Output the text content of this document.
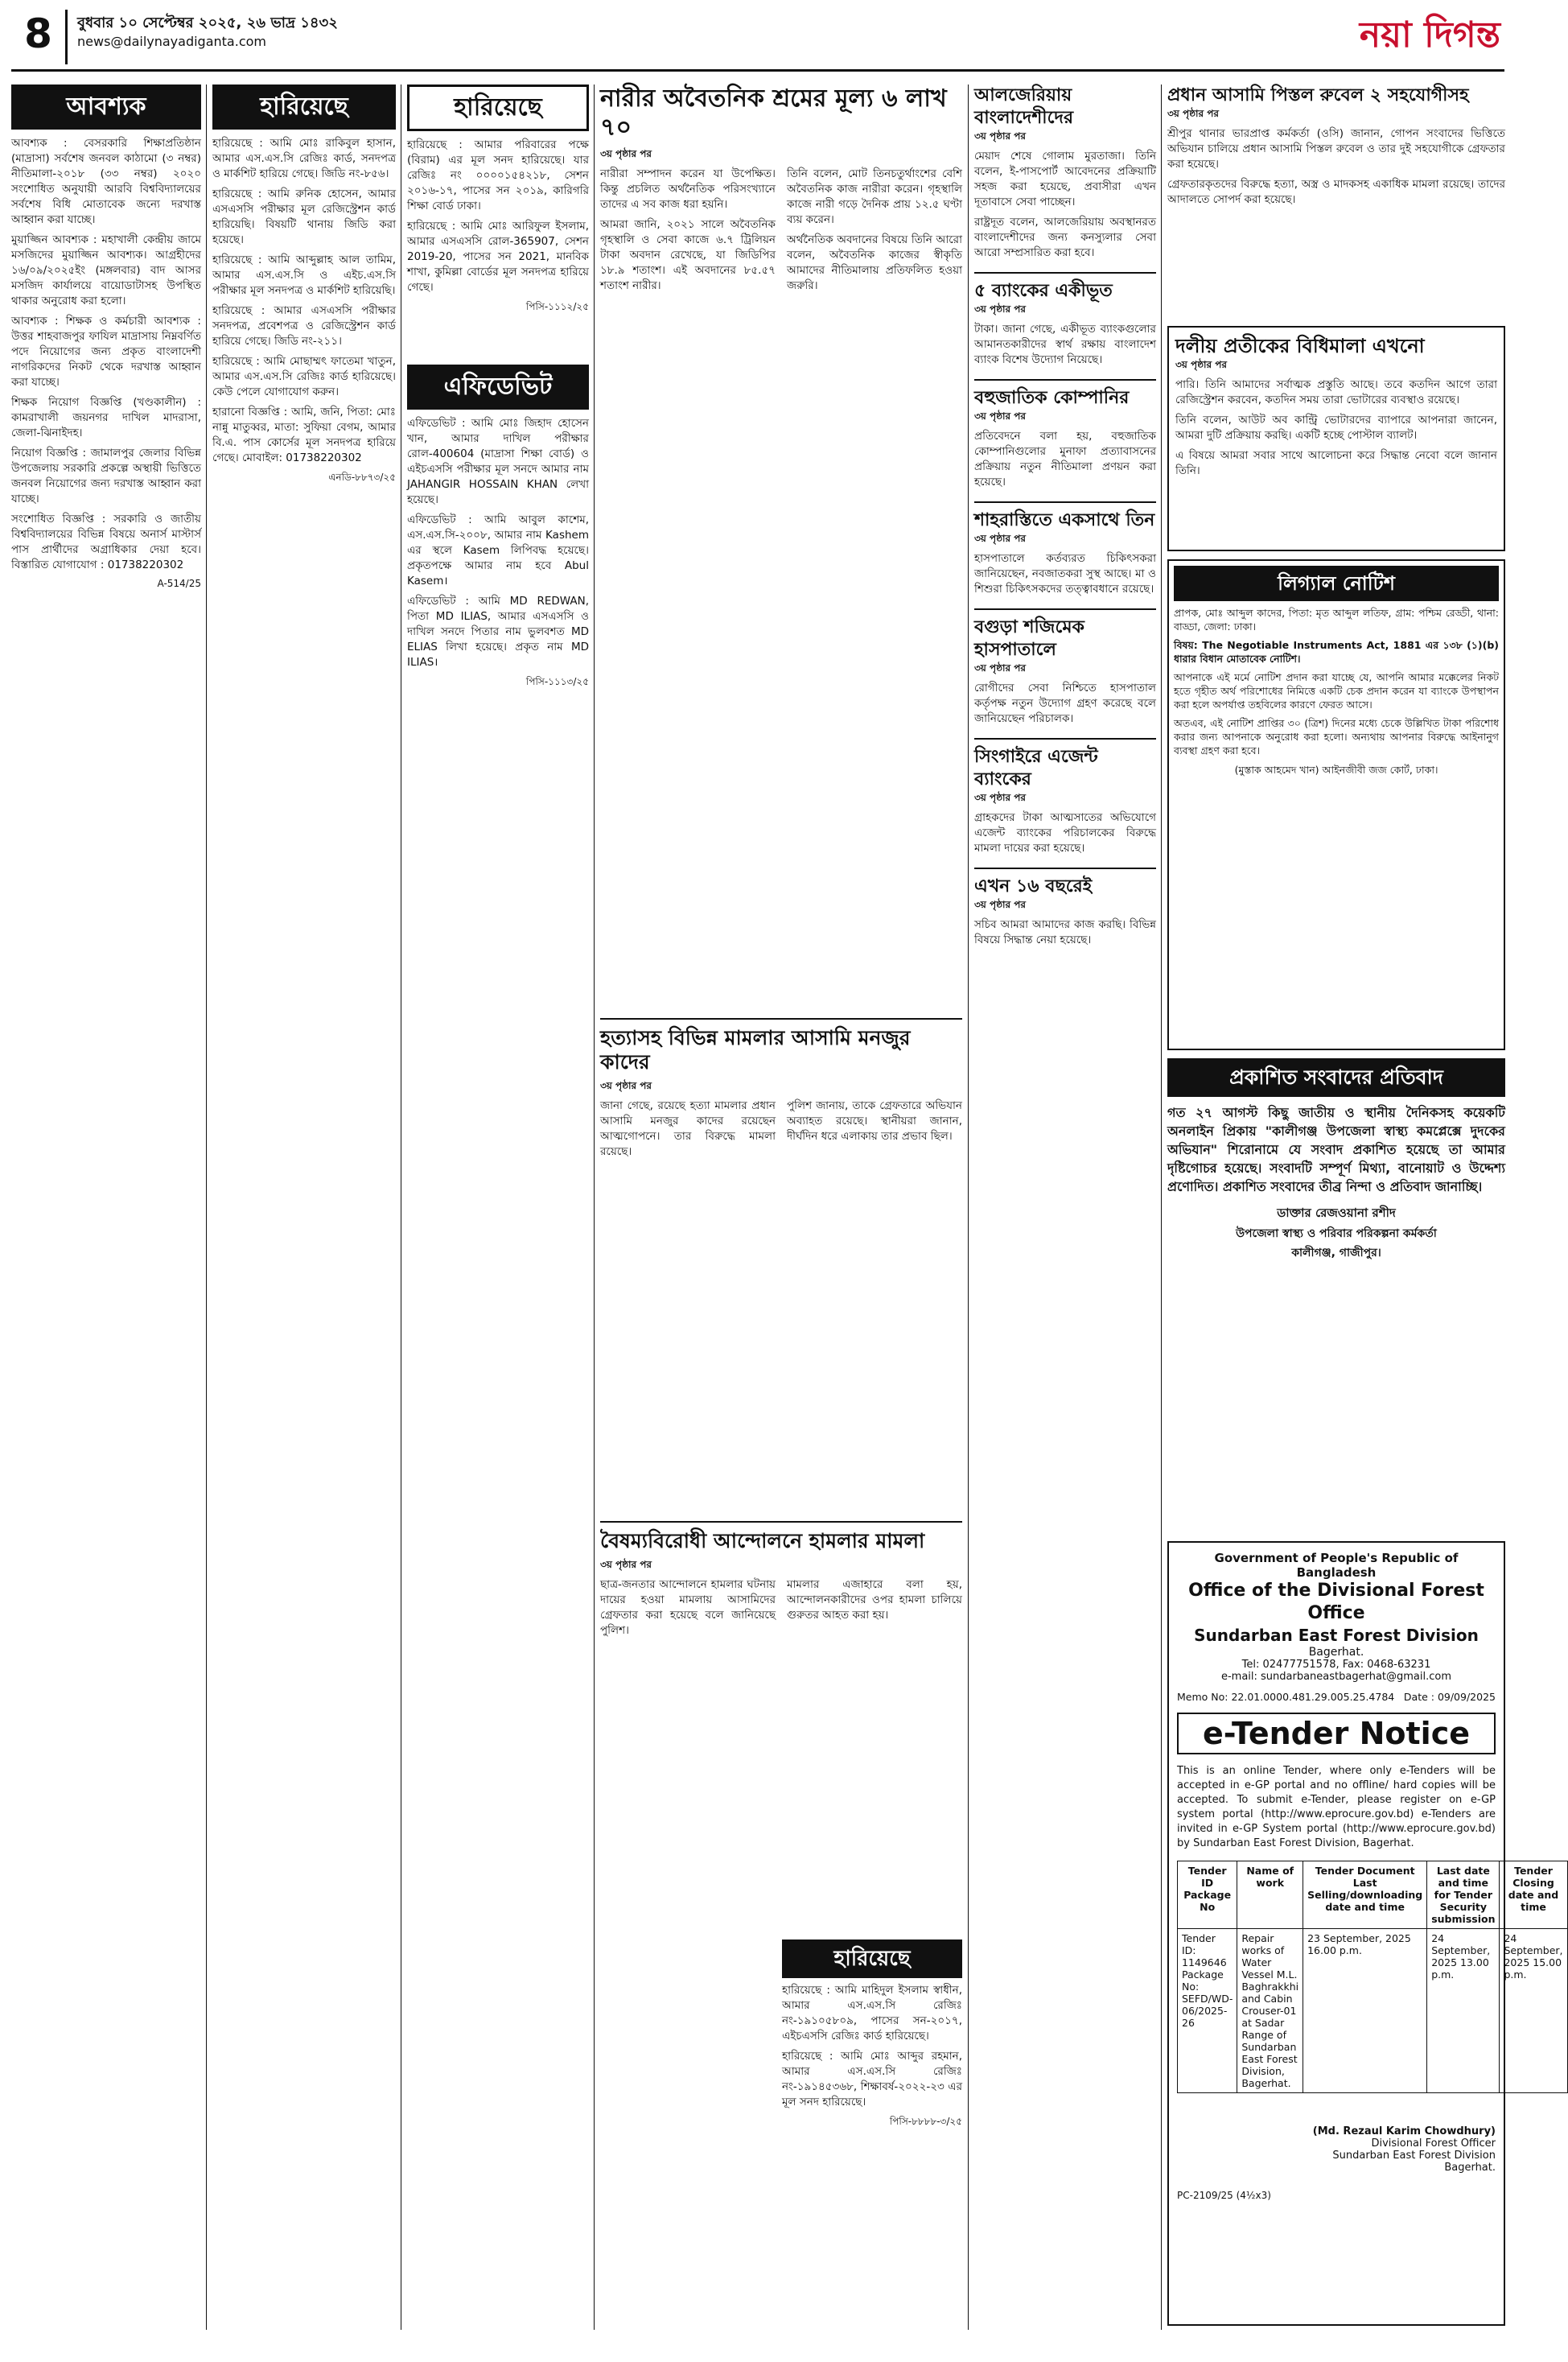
8	বুধবার ১০ সেপ্টেম্বর ২০২৫, ২৬ ভাদ্র ১৪৩২
news@dailynayadiganta.com	নয়া দিগন্ত
আবশ্যক

আবশ্যক : বেসরকারি শিক্ষাপ্রতিষ্ঠান (মাদ্রাসা) সর্বশেষ জনবল কাঠামো (৩ নম্বর) নীতিমালা-২০১৮ (৩৩ নম্বর) ২০২০ সংশোধিত অনুযায়ী আরবি বিশ্ববিদ্যালয়ের সর্বশেষ বিধি মোতাবেক জন্যে দরখাস্ত আহ্বান করা যাচ্ছে।

মুয়াজ্জিন আবশ্যক : মহাখালী কেন্দ্রীয় জামে মসজিদের মুয়াজ্জিন আবশ্যক। আগ্রহীদের ১৬/০৯/২০২৫ইং (মঙ্গলবার) বাদ আসর মসজিদ কার্যালয়ে বায়োডাটাসহ উপস্থিত থাকার অনুরোধ করা হলো।

আবশ্যক : শিক্ষক ও কর্মচারী আবশ্যক : উত্তর শাহবাজপুর ফাযিল মাদ্রাসায় নিম্নবর্ণিত পদে নিয়োগের জন্য প্রকৃত বাংলাদেশী নাগরিকদের নিকট থেকে দরখাস্ত আহ্বান করা যাচ্ছে।

শিক্ষক নিয়োগ বিজ্ঞপ্তি (খণ্ডকালীন) : কামরাখালী জয়নগর দাখিল মাদরাসা, জেলা-ঝিনাইদহ।

নিয়োগ বিজ্ঞপ্তি : জামালপুর জেলার বিভিন্ন উপজেলায় সরকারি প্রকল্পে অস্থায়ী ভিত্তিতে জনবল নিয়োগের জন্য দরখাস্ত আহ্বান করা যাচ্ছে।

সংশোধিত বিজ্ঞপ্তি : সরকারি ও জাতীয় বিশ্ববিদ্যালয়ের বিভিন্ন বিষয়ে অনার্স মাস্টার্স পাস প্রার্থীদের অগ্রাধিকার দেয়া হবে। বিস্তারিত যোগাযোগ : 01738220302

A-514/25
হারিয়েছে

হারিয়েছে : আমি মোঃ রাকিবুল হাসান, আমার এস.এস.সি রেজিঃ কার্ড, সনদপত্র ও মার্কশিট হারিয়ে গেছে। জিডি নং-৮৫৬।

হারিয়েছে : আমি রুনিক হোসেন, আমার এসএসসি পরীক্ষার মূল রেজিস্ট্রেশন কার্ড হারিয়েছি। বিষয়টি থানায় জিডি করা হয়েছে।

হারিয়েছে : আমি আব্দুল্লাহ আল তামিম, আমার এস.এস.সি ও এইচ.এস.সি পরীক্ষার মূল সনদপত্র ও মার্কশিট হারিয়েছি।

হারিয়েছে : আমার এসএসসি পরীক্ষার সনদপত্র, প্রবেশপত্র ও রেজিস্ট্রেশন কার্ড হারিয়ে গেছে। জিডি নং-২১১।

হারিয়েছে : আমি মোছাম্মৎ ফাতেমা খাতুন, আমার এস.এস.সি রেজিঃ কার্ড হারিয়েছে। কেউ পেলে যোগাযোগ করুন।

হারানো বিজ্ঞপ্তি : আমি, জনি, পিতা: মোঃ নান্নু মাতুব্বর, মাতা: সুফিয়া বেগম, আমার বি.এ. পাস কোর্সের মূল সনদপত্র হারিয়ে গেছে। মোবাইল: 01738220302

এনডি-৮৮৭৩/২৫
হারিয়েছে

হারিয়েছে : আমার পরিবারের পক্ষে (বিরাম) এর মূল সনদ হারিয়েছে। যার রেজিঃ নং ০০০০১৫৪২১৮, সেশন ২০১৬-১৭, পাসের সন ২০১৯, কারিগরি শিক্ষা বোর্ড ঢাকা।

হারিয়েছে : আমি মোঃ আরিফুল ইসলাম, আমার এসএসসি রোল-365907, সেশন 2019-20, পাসের সন 2021, মানবিক শাখা, কুমিল্লা বোর্ডের মূল সনদপত্র হারিয়ে গেছে।

পিসি-১১১২/২৫
এফিডেভিট

এফিডেভিট : আমি মোঃ জিহাদ হোসেন খান, আমার দাখিল পরীক্ষার রোল-400604 (মাদ্রাসা শিক্ষা বোর্ড) ও এইচএসসি পরীক্ষার মূল সনদে আমার নাম JAHANGIR HOSSAIN KHAN লেখা হয়েছে।

এফিডেভিট : আমি আবুল কাশেম, এস.এস.সি-২০০৮, আমার নাম Kashem এর স্থলে Kasem লিপিবদ্ধ হয়েছে। প্রকৃতপক্ষে আমার নাম হবে Abul Kasem।

এফিডেভিট : আমি MD REDWAN, পিতা MD ILIAS, আমার এসএসসি ও দাখিল সনদে পিতার নাম ভুলবশত MD ELIAS লিখা হয়েছে। প্রকৃত নাম MD ILIAS।

পিসি-১১১৩/২৫
নারীর অবৈতনিক শ্রমের মূল্য ৬ লাখ ৭০
৩য় পৃষ্ঠার পর

নারীরা সম্পাদন করেন যা উপেক্ষিত। কিন্তু প্রচলিত অর্থনৈতিক পরিসংখ্যানে তাদের এ সব কাজ ধরা হয়নি।

আমরা জানি, ২০২১ সালে অবৈতনিক গৃহস্থালি ও সেবা কাজে ৬.৭ ট্রিলিয়ন টাকা অবদান রেখেছে, যা জিডিপির ১৮.৯ শতাংশ। এই অবদানের ৮৫.৫৭ শতাংশ নারীর।

তিনি বলেন, মোট তিনচতুর্থাংশের বেশি অবৈতনিক কাজ নারীরা করেন। গৃহস্থালি কাজে নারী গড়ে দৈনিক প্রায় ১২.৫ ঘণ্টা ব্যয় করেন।

অর্থনৈতিক অবদানের বিষয়ে তিনি আরো বলেন, অবৈতনিক কাজের স্বীকৃতি আমাদের নীতিমালায় প্রতিফলিত হওয়া জরুরি।

হত্যাসহ বিভিন্ন মামলার আসামি মনজুর কাদের
৩য় পৃষ্ঠার পর

জানা গেছে, রয়েছে হত্যা মামলার প্রধান আসামি মনজুর কাদের রয়েছেন আত্মগোপনে। তার বিরুদ্ধে মামলা রয়েছে।

পুলিশ জানায়, তাকে গ্রেফতারে অভিযান অব্যাহত রয়েছে। স্থানীয়রা জানান, দীর্ঘদিন ধরে এলাকায় তার প্রভাব ছিল।

বৈষম্যবিরোধী আন্দোলনে হামলার মামলা
৩য় পৃষ্ঠার পর

ছাত্র-জনতার আন্দোলনে হামলার ঘটনায় দায়ের হওয়া মামলায় আসামিদের গ্রেফতার করা হয়েছে বলে জানিয়েছে পুলিশ।

মামলার এজাহারে বলা হয়, আন্দোলনকারীদের ওপর হামলা চালিয়ে গুরুতর আহত করা হয়।

হারিয়েছে

হারিয়েছে : আমি মাহিদুল ইসলাম স্বাধীন, আমার এস.এস.সি রেজিঃ নং-১৯১০৫৮০৯, পাসের সন-২০১৭, এইচএসসি রেজিঃ কার্ড হারিয়েছে।

হারিয়েছে : আমি মোঃ আব্দুর রহমান, আমার এস.এস.সি রেজিঃ নং-১৯১৪৫৩৬৮, শিক্ষাবর্ষ-২০২২-২৩ এর মূল সনদ হারিয়েছে।

পিসি-৮৮৮৮-৩/২৫
আলজেরিয়ায় বাংলাদেশীদের
৩য় পৃষ্ঠার পর

মেয়াদ শেষে গোলাম মুরতাজা। তিনি বলেন, ই-পাসপোর্ট আবেদনের প্রক্রিয়াটি সহজ করা হয়েছে, প্রবাসীরা এখন দূতাবাসে সেবা পাচ্ছেন।

রাষ্ট্রদূত বলেন, আলজেরিয়ায় অবস্থানরত বাংলাদেশীদের জন্য কনস্যুলার সেবা আরো সম্প্রসারিত করা হবে।

৫ ব্যাংকের একীভূত
৩য় পৃষ্ঠার পর

টাকা। জানা গেছে, একীভূত ব্যাংকগুলোর আমানতকারীদের স্বার্থ রক্ষায় বাংলাদেশ ব্যাংক বিশেষ উদ্যোগ নিয়েছে।

বহুজাতিক কোম্পানির
৩য় পৃষ্ঠার পর

প্রতিবেদনে বলা হয়, বহুজাতিক কোম্পানিগুলোর মুনাফা প্রত্যাবাসনের প্রক্রিয়ায় নতুন নীতিমালা প্রণয়ন করা হয়েছে।

শাহরাস্তিতে একসাথে তিন
৩য় পৃষ্ঠার পর

হাসপাতালে কর্তব্যরত চিকিৎসকরা জানিয়েছেন, নবজাতকরা সুস্থ আছে। মা ও শিশুরা চিকিৎসকদের তত্ত্বাবধানে রয়েছে।

বগুড়া শজিমেক হাসপাতালে
৩য় পৃষ্ঠার পর

রোগীদের সেবা নিশ্চিতে হাসপাতাল কর্তৃপক্ষ নতুন উদ্যোগ গ্রহণ করেছে বলে জানিয়েছেন পরিচালক।

সিংগাইরে এজেন্ট ব্যাংকের
৩য় পৃষ্ঠার পর

গ্রাহকদের টাকা আত্মসাতের অভিযোগে এজেন্ট ব্যাংকের পরিচালকের বিরুদ্ধে মামলা দায়ের করা হয়েছে।

এখন ১৬ বছরেই
৩য় পৃষ্ঠার পর

সচিব আমরা আমাদের কাজ করছি। বিভিন্ন বিষয়ে সিদ্ধান্ত নেয়া হয়েছে।

প্রধান আসামি পিস্তল রুবেল ২ সহযোগীসহ
৩য় পৃষ্ঠার পর

শ্রীপুর থানার ভারপ্রাপ্ত কর্মকর্তা (ওসি) জানান, গোপন সংবাদের ভিত্তিতে অভিযান চালিয়ে প্রধান আসামি পিস্তল রুবেল ও তার দুই সহযোগীকে গ্রেফতার করা হয়েছে।

গ্রেফতারকৃতদের বিরুদ্ধে হত্যা, অস্ত্র ও মাদকসহ একাধিক মামলা রয়েছে। তাদের আদালতে সোপর্দ করা হয়েছে।

দলীয় প্রতীকের বিধিমালা এখনো
৩য় পৃষ্ঠার পর

পারি। তিনি আমাদের সর্বাত্মক প্রস্তুতি আছে। তবে কতদিন আগে তারা রেজিস্ট্রেশন করবেন, কতদিন সময় তারা ভোটারের ব্যবস্থাও রয়েছে।

তিনি বলেন, আউট অব কান্ট্রি ভোটারদের ব্যাপারে আপনারা জানেন, আমরা দুটি প্রক্রিয়ায় করছি। একটি হচ্ছে পোস্টাল ব্যালট।

এ বিষয়ে আমরা সবার সাথে আলোচনা করে সিদ্ধান্ত নেবো বলে জানান তিনি।

লিগ্যাল নোটিশ

প্রাপক, মোঃ আব্দুল কাদের, পিতা: মৃত আব্দুল লতিফ, গ্রাম: পশ্চিম রেড্ডী, থানা: বাড্ডা, জেলা: ঢাকা।

বিষয়: The Negotiable Instruments Act, 1881 এর ১৩৮ (১)(b) ধারার বিধান মোতাবেক নোটিশ।

আপনাকে এই মর্মে নোটিশ প্রদান করা যাচ্ছে যে, আপনি আমার মক্কেলের নিকট হতে গৃহীত অর্থ পরিশোধের নিমিত্তে একটি চেক প্রদান করেন যা ব্যাংকে উপস্থাপন করা হলে অপর্যাপ্ত তহবিলের কারণে ফেরত আসে।

অতএব, এই নোটিশ প্রাপ্তির ৩০ (ত্রিশ) দিনের মধ্যে চেকে উল্লিখিত টাকা পরিশোধ করার জন্য আপনাকে অনুরোধ করা হলো। অন্যথায় আপনার বিরুদ্ধে আইনানুগ ব্যবস্থা গ্রহণ করা হবে।

(মুস্তাক আহমেদ খান) আইনজীবী জজ কোর্ট, ঢাকা।
প্রকাশিত সংবাদের প্রতিবাদ
গত ২৭ আগস্ট কিছু জাতীয় ও স্থানীয় দৈনিকসহ কয়েকটি অনলাইন প্রিকায় "কালীগঞ্জ উপজেলা স্বাস্থ্য কমপ্লেক্সে দুদকের অভিযান" শিরোনামে যে সংবাদ প্রকাশিত হয়েছে তা আমার দৃষ্টিগোচর হয়েছে। সংবাদটি সম্পূর্ণ মিথ্যা, বানোয়াট ও উদ্দেশ্য প্রণোদিত। প্রকাশিত সংবাদের তীব্র নিন্দা ও প্রতিবাদ জানাচ্ছি।
ডাক্তার রেজওয়ানা রশীদ
উপজেলা স্বাস্থ্য ও পরিবার পরিকল্পনা কর্মকর্তা
কালীগঞ্জ, গাজীপুর।
Government of People's Republic of Bangladesh
Office of the Divisional Forest Office
Sundarban East Forest Division
Bagerhat.
Tel: 02477751578, Fax: 0468-63231
e-mail: sundarbaneastbagerhat@gmail.com
Memo No: 22.01.0000.481.29.005.25.4784 Date : 09/09/2025
e-Tender Notice
This is an online Tender, where only e-Tenders will be accepted in e-GP portal and no offline/ hard copies will be accepted. To submit e-Tender, please register on e-GP system portal (http://www.eprocure.gov.bd) e-Tenders are invited in e-GP System portal (http://www.eprocure.gov.bd) by Sundarban East Forest Division, Bagerhat.
Tender ID Package No	Name of work	Tender Document Last Selling/downloading date and time	Last date and time for Tender Security submission	Tender Closing date and time
Tender ID: 1149646 Package No: SEFD/WD-06/2025-26	Repair works of Water Vessel M.L. Baghrakkhi and Cabin Crouser-01 at Sadar Range of Sundarban East Forest Division, Bagerhat.	23 September, 2025 16.00 p.m.	24 September, 2025 13.00 p.m.	24 September, 2025 15.00 p.m.
(Md. Rezaul Karim Chowdhury)
Divisional Forest Officer
Sundarban East Forest Division
Bagerhat.
PC-2109/25 (4½x3)
